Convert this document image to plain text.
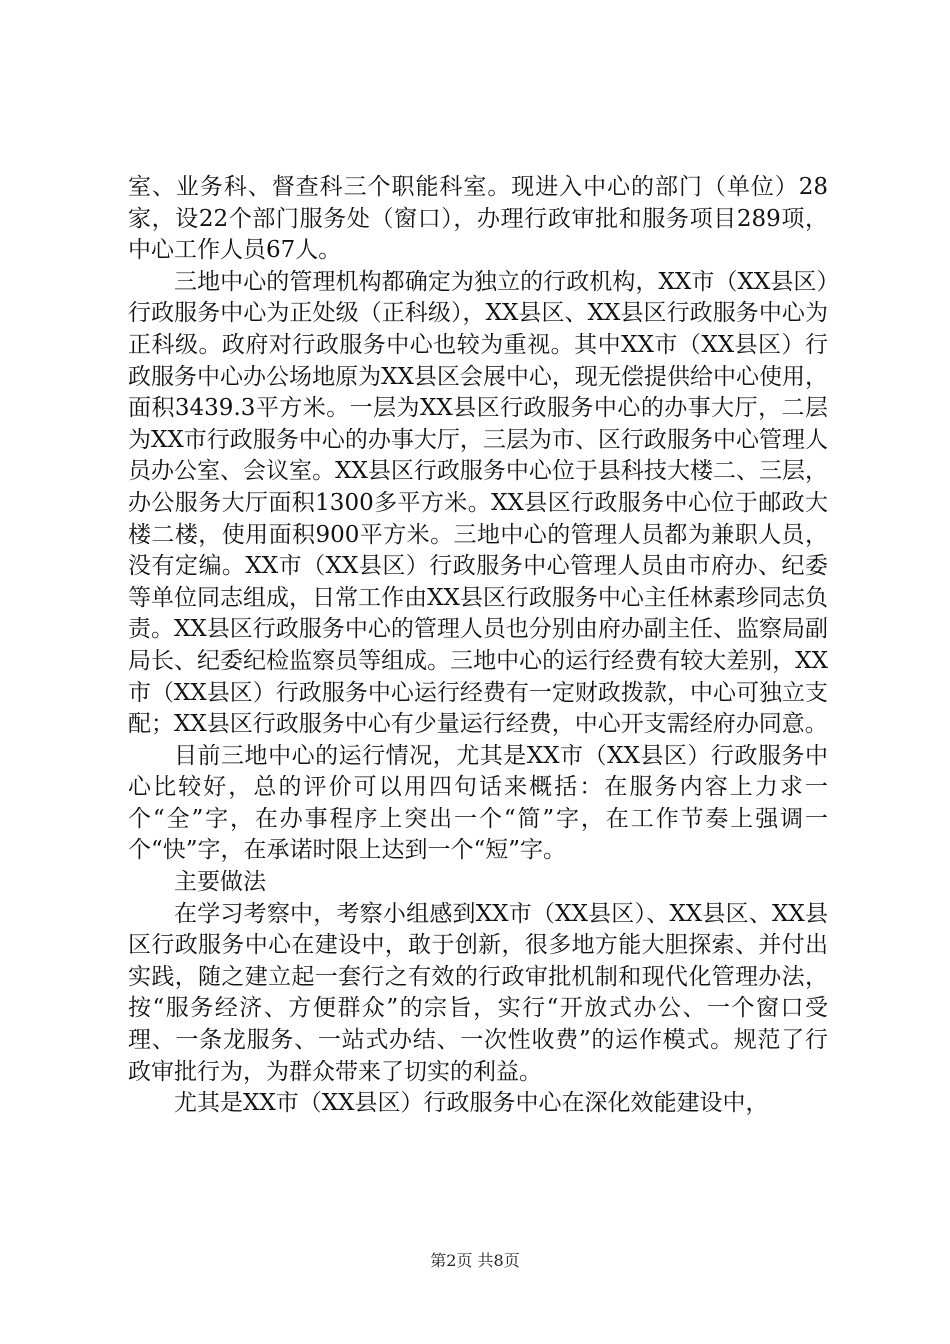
室、业务科、督查科三个职能科室。现进入中心的部门（单位）28家，设22个部门服务处（窗口），办理行政审批和服务项目289项，中心工作人员67人。

三地中心的管理机构都确定为独立的行政机构，XX市（XX县区）行政服务中心为正处级（正科级），XX县区、XX县区行政服务中心为正科级。政府对行政服务中心也较为重视。其中XX市（XX县区）行政服务中心办公场地原为XX县区会展中心，现无偿提供给中心使用，面积3439.3平方米。一层为XX县区行政服务中心的办事大厅，二层为XX市行政服务中心的办事大厅，三层为市、区行政服务中心管理人员办公室、会议室。XX县区行政服务中心位于县科技大楼二、三层，办公服务大厅面积1300多平方米。XX县区行政服务中心位于邮政大楼二楼，使用面积900平方米。三地中心的管理人员都为兼职人员，没有定编。XX市（XX县区）行政服务中心管理人员由市府办、纪委等单位同志组成，日常工作由XX县区行政服务中心主任林素珍同志负责。XX县区行政服务中心的管理人员也分别由府办副主任、监察局副局长、纪委纪检监察员等组成。三地中心的运行经费有较大差别，XX市（XX县区）行政服务中心运行经费有一定财政拨款，中心可独立支配；XX县区行政服务中心有少量运行经费，中心开支需经府办同意。

目前三地中心的运行情况，尤其是XX市（XX县区）行政服务中心比较好，总的评价可以用四句话来概括：在服务内容上力求一个“全”字，在办事程序上突出一个“简”字，在工作节奏上强调一个“快”字，在承诺时限上达到一个“短”字。

主要做法

在学习考察中，考察小组感到XX市（XX县区）、XX县区、XX县区行政服务中心在建设中，敢于创新，很多地方能大胆探索、并付出实践，随之建立起一套行之有效的行政审批机制和现代化管理办法，按“服务经济、方便群众”的宗旨，实行“开放式办公、一个窗口受理、一条龙服务、一站式办结、一次性收费”的运作模式。规范了行政审批行为，为群众带来了切实的利益。

尤其是XX市（XX县区）行政服务中心在深化效能建设中，

第2页 共8页
